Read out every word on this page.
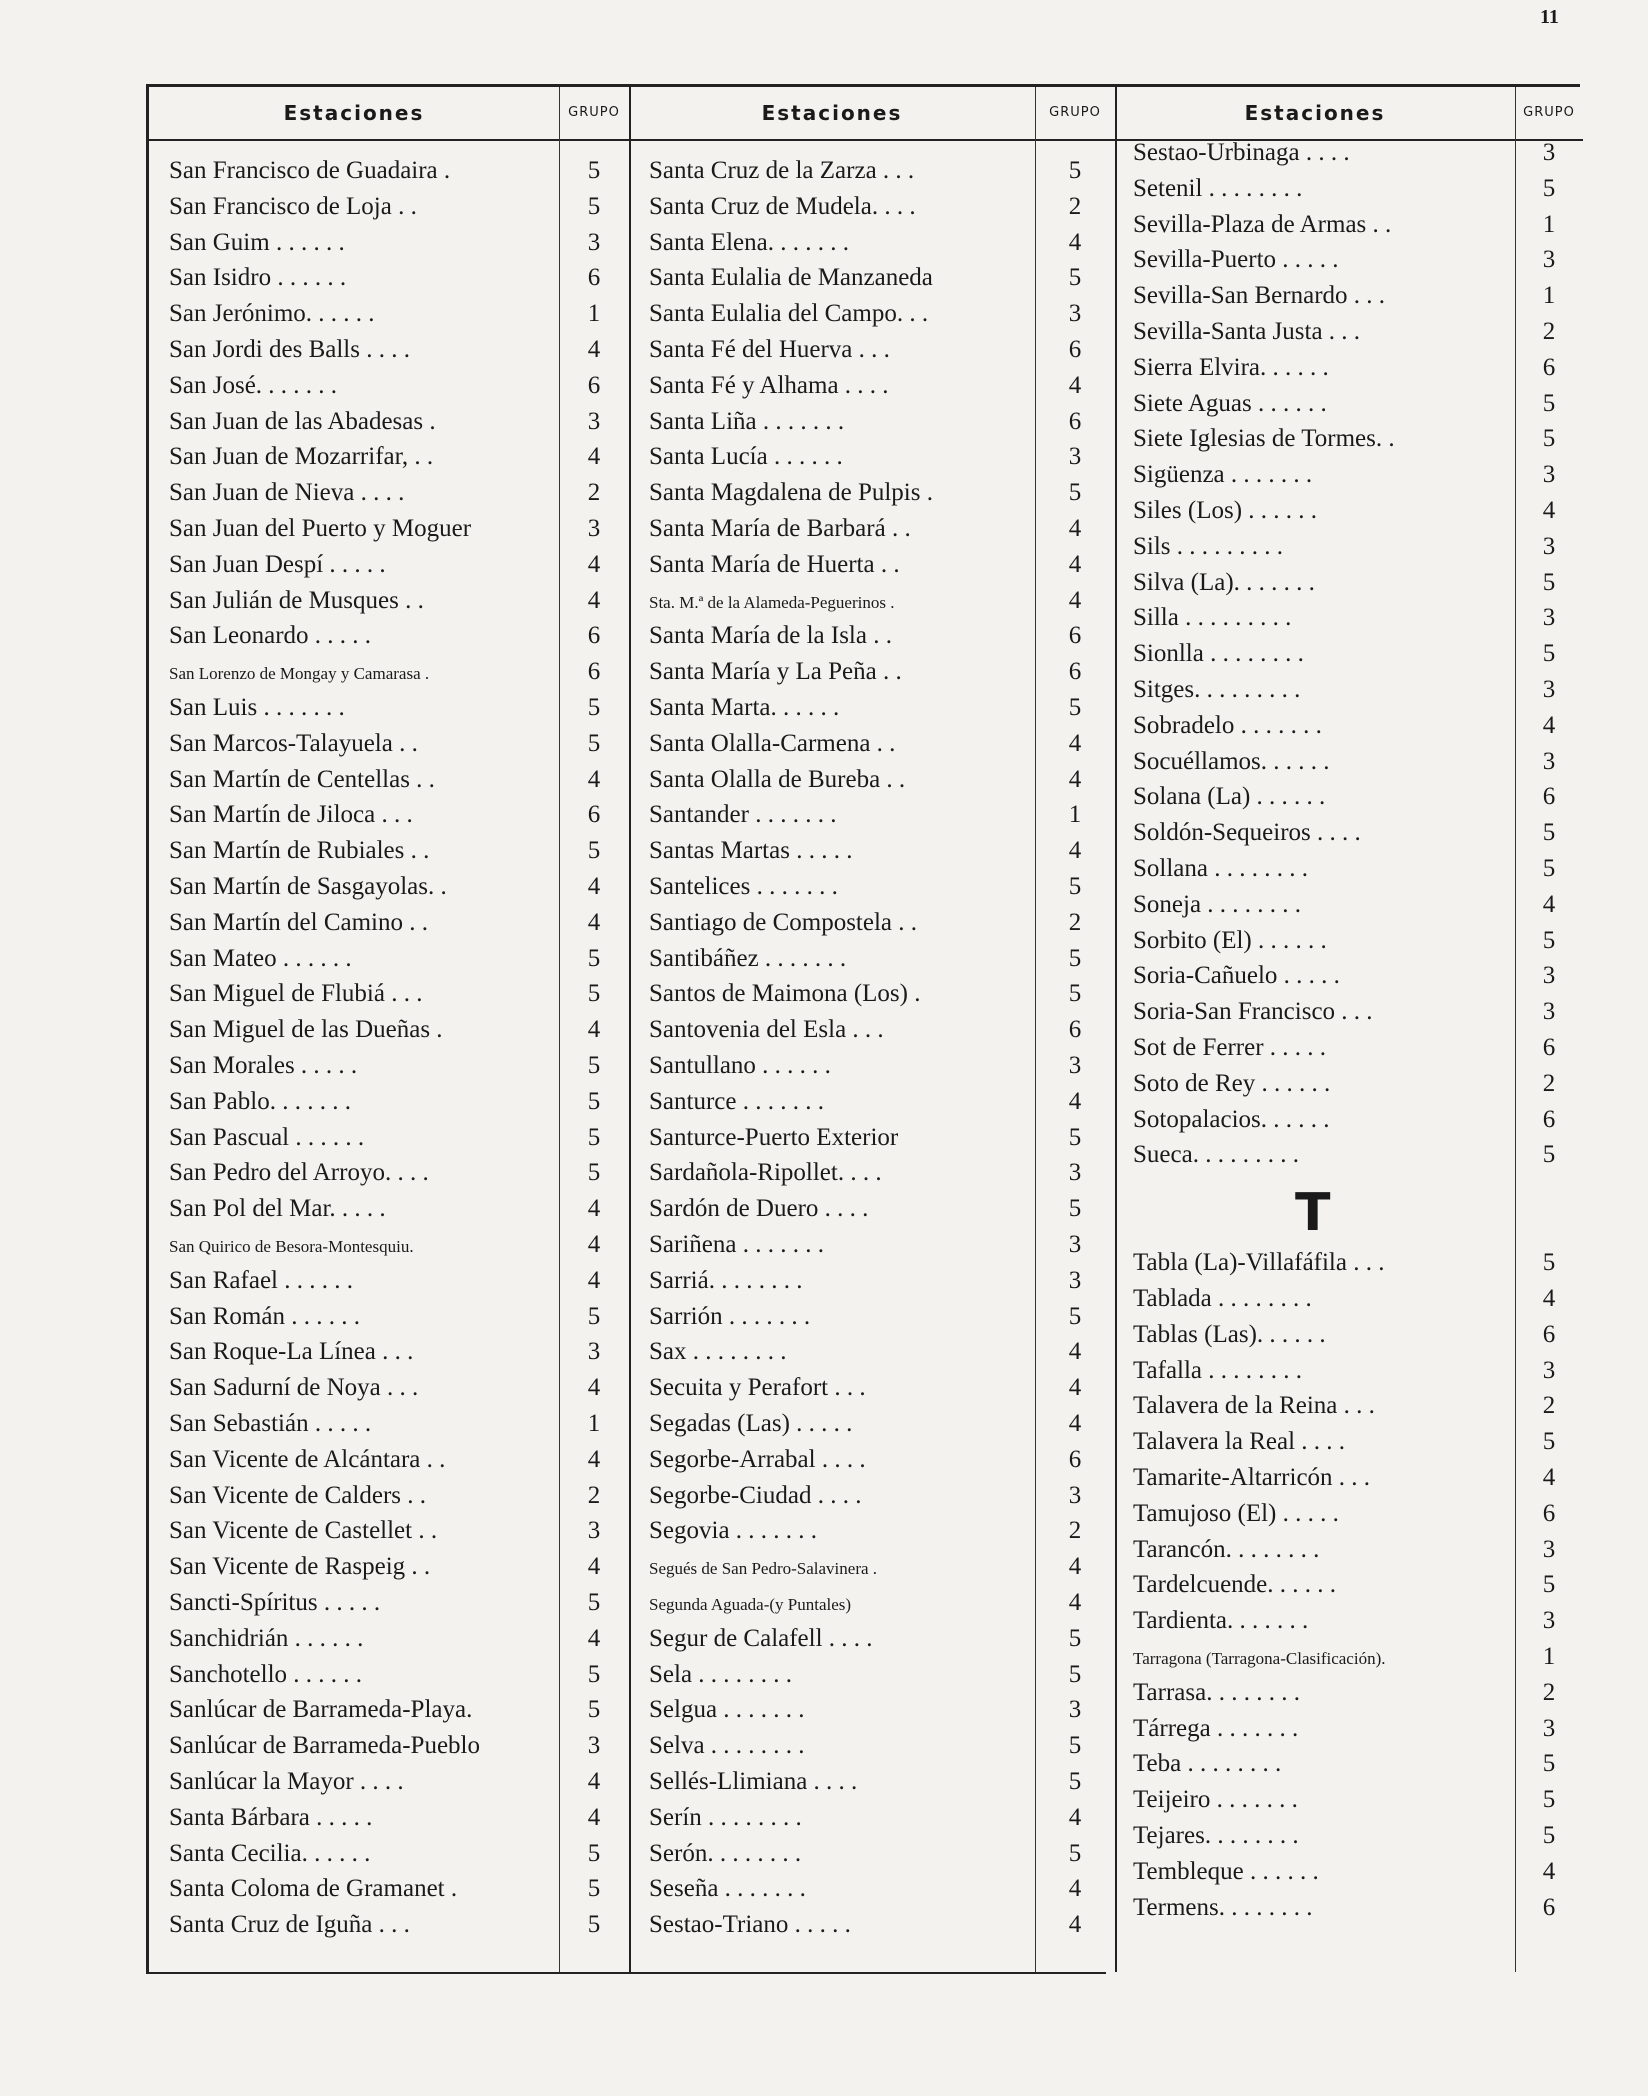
11
Estaciones	GRUPO
San Francisco de Guadaira .	5
San Francisco de Loja . .	5
San Guim . . . . . .	3
San Isidro . . . . . .	6
San Jerónimo. . . . . .	1
San Jordi des Balls . . . .	4
San José. . . . . . .	6
San Juan de las Abadesas .	3
San Juan de Mozarrifar, . .	4
San Juan de Nieva . . . .	2
San Juan del Puerto y Moguer	3
San Juan Despí . . . . .	4
San Julián de Musques . .	4
San Leonardo . . . . .	6
San Lorenzo de Mongay y Camarasa .	6
San Luis . . . . . . .	5
San Marcos-Talayuela . .	5
San Martín de Centellas . .	4
San Martín de Jiloca . . .	6
San Martín de Rubiales . .	5
San Martín de Sasgayolas. .	4
San Martín del Camino . .	4
San Mateo . . . . . .	5
San Miguel de Flubiá . . .	5
San Miguel de las Dueñas .	4
San Morales . . . . .	5
San Pablo. . . . . . .	5
San Pascual . . . . . .	5
San Pedro del Arroyo. . . .	5
San Pol del Mar. . . . .	4
San Quirico de Besora-Montesquiu.	4
San Rafael . . . . . .	4
San Román . . . . . .	5
San Roque-La Línea . . .	3
San Sadurní de Noya . . .	4
San Sebastián . . . . .	1
San Vicente de Alcántara . .	4
San Vicente de Calders . .	2
San Vicente de Castellet . .	3
San Vicente de Raspeig . .	4
Sancti-Spíritus . . . . .	5
Sanchidrián . . . . . .	4
Sanchotello . . . . . .	5
Sanlúcar de Barrameda-Playa.	5
Sanlúcar de Barrameda-Pueblo	3
Sanlúcar la Mayor . . . .	4
Santa Bárbara . . . . .	4
Santa Cecilia. . . . . .	5
Santa Coloma de Gramanet .	5
Santa Cruz de Iguña . . .	5
Estaciones	GRUPO
Santa Cruz de la Zarza . . .	5
Santa Cruz de Mudela. . . .	2
Santa Elena. . . . . . .	4
Santa Eulalia de Manzaneda	5
Santa Eulalia del Campo. . .	3
Santa Fé del Huerva . . .	6
Santa Fé y Alhama . . . .	4
Santa Liña . . . . . . .	6
Santa Lucía . . . . . .	3
Santa Magdalena de Pulpis .	5
Santa María de Barbará . .	4
Santa María de Huerta . .	4
Sta. M.ª de la Alameda-Peguerinos .	4
Santa María de la Isla . .	6
Santa María y La Peña . .	6
Santa Marta. . . . . .	5
Santa Olalla-Carmena . .	4
Santa Olalla de Bureba . .	4
Santander . . . . . . .	1
Santas Martas . . . . .	4
Santelices . . . . . . .	5
Santiago de Compostela . .	2
Santibáñez . . . . . . .	5
Santos de Maimona (Los) .	5
Santovenia del Esla . . .	6
Santullano . . . . . .	3
Santurce . . . . . . .	4
Santurce-Puerto Exterior	5
Sardañola-Ripollet. . . .	3
Sardón de Duero . . . .	5
Sariñena . . . . . . .	3
Sarriá. . . . . . . .	3
Sarrión . . . . . . .	5
Sax . . . . . . . .	4
Secuita y Perafort . . .	4
Segadas (Las) . . . . .	4
Segorbe-Arrabal . . . .	6
Segorbe-Ciudad . . . .	3
Segovia . . . . . . .	2
Segués de San Pedro-Salavinera .	4
Segunda Aguada-(y Puntales)	4
Segur de Calafell . . . .	5
Sela . . . . . . . .	5
Selgua . . . . . . .	3
Selva . . . . . . . .	5
Sellés-Llimiana . . . .	5
Serín . . . . . . . .	4
Serón. . . . . . . .	5
Seseña . . . . . . .	4
Sestao-Triano . . . . .	4
Estaciones	GRUPO
Sestao-Urbinaga . . . .	3
Setenil . . . . . . . .	5
Sevilla-Plaza de Armas . .	1
Sevilla-Puerto . . . . .	3
Sevilla-San Bernardo . . .	1
Sevilla-Santa Justa . . .	2
Sierra Elvira. . . . . .	6
Siete Aguas . . . . . .	5
Siete Iglesias de Tormes. .	5
Sigüenza . . . . . . .	3
Siles (Los) . . . . . .	4
Sils . . . . . . . . .	3
Silva (La). . . . . . .	5
Silla . . . . . . . . .	3
Sionlla . . . . . . . .	5
Sitges. . . . . . . . .	3
Sobradelo . . . . . . .	4
Socuéllamos. . . . . .	3
Solana (La) . . . . . .	6
Soldón-Sequeiros . . . .	5
Sollana . . . . . . . .	5
Soneja . . . . . . . .	4
Sorbito (El) . . . . . .	5
Soria-Cañuelo . . . . .	3
Soria-San Francisco . . .	3
Sot de Ferrer . . . . .	6
Soto de Rey . . . . . .	2
Sotopalacios. . . . . .	6
Sueca. . . . . . . . .	5
T
Tabla (La)-Villafáfila . . .	5
Tablada . . . . . . . .	4
Tablas (Las). . . . . .	6
Tafalla . . . . . . . .	3
Talavera de la Reina . . .	2
Talavera la Real . . . .	5
Tamarite-Altarricón . . .	4
Tamujoso (El) . . . . .	6
Tarancón. . . . . . . .	3
Tardelcuende. . . . . .	5
Tardienta. . . . . . .	3
Tarragona (Tarragona-Clasificación).	1
Tarrasa. . . . . . . .	2
Tárrega . . . . . . .	3
Teba . . . . . . . .	5
Teijeiro . . . . . . .	5
Tejares. . . . . . . .	5
Tembleque . . . . . .	4
Termens. . . . . . . .	6
